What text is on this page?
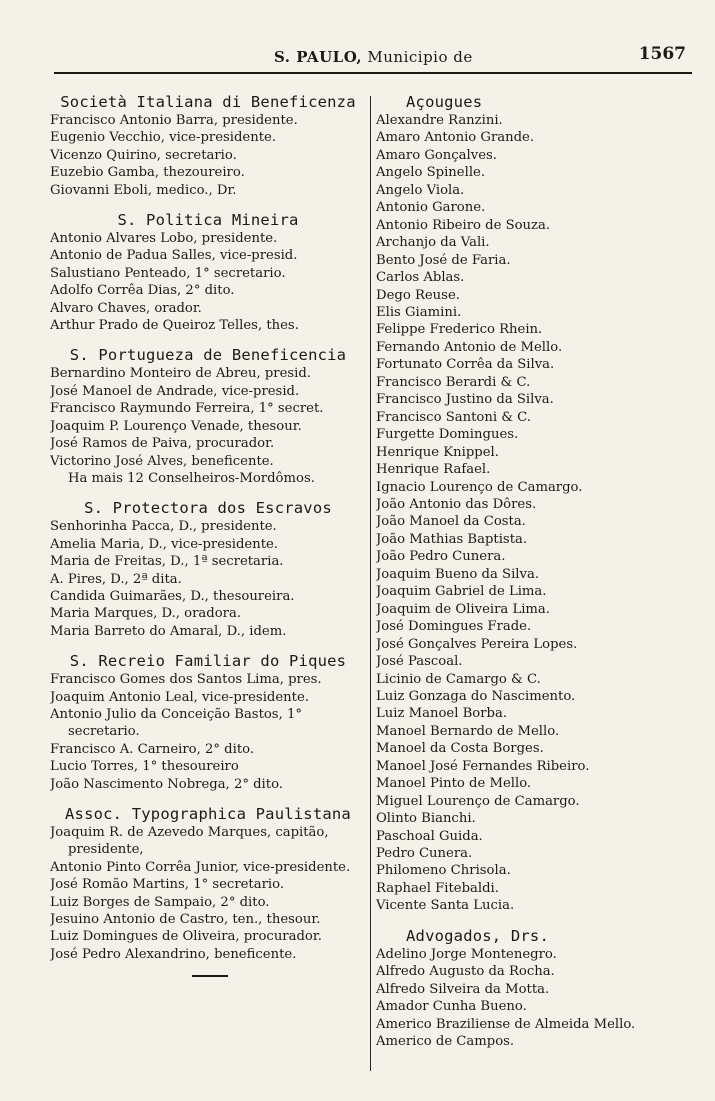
S. PAULO, Municipio de	1567
Società Italiana di Beneficenza
Francisco Antonio Barra, presidente.
Eugenio Vecchio, vice-presidente.
Vicenzo Quirino, secretario.
Euzebio Gamba, thezoureiro.
Giovanni Eboli, medico., Dr.
S. Politica Mineira
Antonio Alvares Lobo, presidente.
Antonio de Padua Salles, vice-presid.
Salustiano Penteado, 1° secretario.
Adolfo Corrêa Dias, 2° dito.
Alvaro Chaves, orador.
Arthur Prado de Queiroz Telles, thes.
S. Portugueza de Beneficencia
Bernardino Monteiro de Abreu, presid.
José Manoel de Andrade, vice-presid.
Francisco Raymundo Ferreira, 1° secret.
Joaquim P. Lourenço Venade, thesour.
José Ramos de Paiva, procurador.
Victorino José Alves, beneficente.
Ha mais 12 Conselheiros-Mordômos.
S. Protectora dos Escravos
Senhorinha Pacca, D., presidente.
Amelia Maria, D., vice-presidente.
Maria de Freitas, D., 1ª secretaria.
A. Pires, D., 2ª dita.
Candida Guimarães, D., thesoureira.
Maria Marques, D., oradora.
Maria Barreto do Amaral, D., idem.
S. Recreio Familiar do Piques
Francisco Gomes dos Santos Lima, pres.
Joaquim Antonio Leal, vice-presidente.
Antonio Julio da Conceição Bastos, 1° secretario.
Francisco A. Carneiro, 2° dito.
Lucio Torres, 1° thesoureiro
João Nascimento Nobrega, 2° dito.
Assoc. Typographica Paulistana
Joaquim R. de Azevedo Marques, capitão, presidente,
Antonio Pinto Corrêa Junior, vice-presidente.
José Romão Martins, 1° secretario.
Luiz Borges de Sampaio, 2° dito.
Jesuino Antonio de Castro, ten., thesour.
Luiz Domingues de Oliveira, procurador.
José Pedro Alexandrino, beneficente.
Açougues
Alexandre Ranzini.
Amaro Antonio Grande.
Amaro Gonçalves.
Angelo Spinelle.
Angelo Viola.
Antonio Garone.
Antonio Ribeiro de Souza.
Archanjo da Vali.
Bento José de Faria.
Carlos Ablas.
Dego Reuse.
Elis Giamini.
Felippe Frederico Rhein.
Fernando Antonio de Mello.
Fortunato Corrêa da Silva.
Francisco Berardi & C.
Francisco Justino da Silva.
Francisco Santoni & C.
Furgette Domingues.
Henrique Knippel.
Henrique Rafael.
Ignacio Lourenço de Camargo.
João Antonio das Dôres.
João Manoel da Costa.
João Mathias Baptista.
João Pedro Cunera.
Joaquim Bueno da Silva.
Joaquim Gabriel de Lima.
Joaquim de Oliveira Lima.
José Domingues Frade.
José Gonçalves Pereira Lopes.
José Pascoal.
Licinio de Camargo & C.
Luiz Gonzaga do Nascimento.
Luiz Manoel Borba.
Manoel Bernardo de Mello.
Manoel da Costa Borges.
Manoel José Fernandes Ribeiro.
Manoel Pinto de Mello.
Miguel Lourenço de Camargo.
Olinto Bianchi.
Paschoal Guida.
Pedro Cunera.
Philomeno Chrisola.
Raphael Fitebaldi.
Vicente Santa Lucia.
Advogados, Drs.
Adelino Jorge Montenegro.
Alfredo Augusto da Rocha.
Alfredo Silveira da Motta.
Amador Cunha Bueno.
Americo Braziliense de Almeida Mello.
Americo de Campos.
